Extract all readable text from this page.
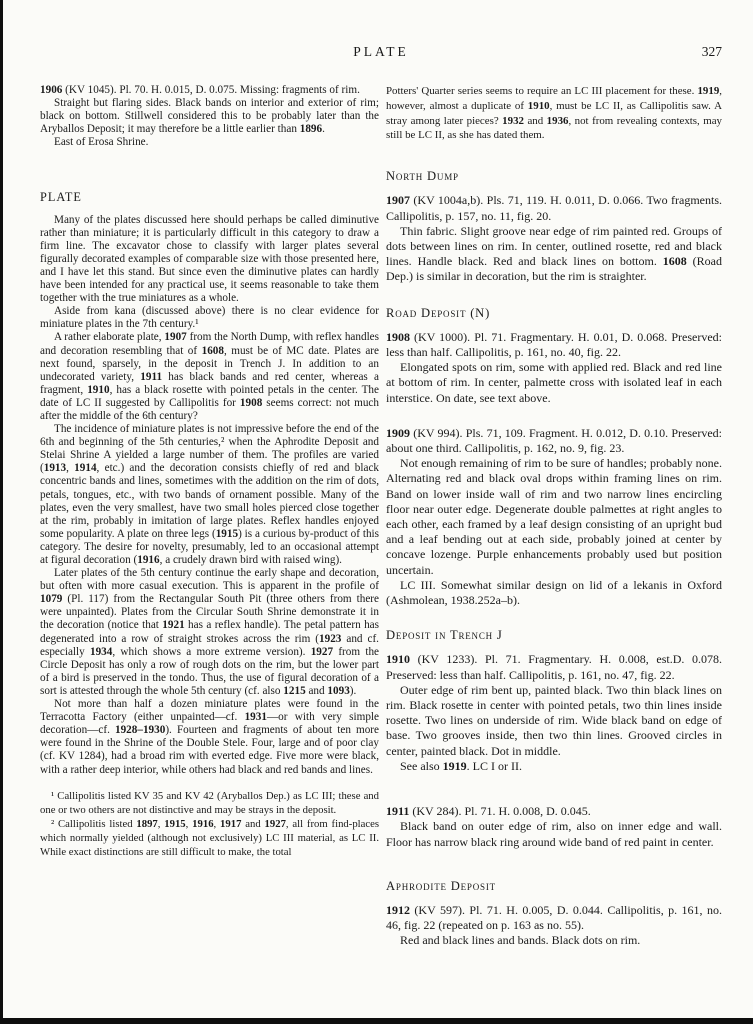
PLATE	327

1906 (KV 1045). Pl. 70. H. 0.015, D. 0.075. Missing: fragments of rim.

Straight but flaring sides. Black bands on interior and exterior of rim; black on bottom. Stillwell considered this to be probably later than the Aryballos Deposit; it may therefore be a little earlier than 1896.

East of Erosa Shrine.

PLATE

Many of the plates discussed here should perhaps be called diminutive rather than miniature; it is particularly difficult in this category to draw a firm line. The excavator chose to classify with larger plates several figurally decorated examples of comparable size with those presented here, and I have let this stand. But since even the diminutive plates can hardly have been intended for any practical use, it seems reasonable to take them together with the true miniatures as a whole.

Aside from kana (discussed above) there is no clear evidence for miniature plates in the 7th century.¹

A rather elaborate plate, 1907 from the North Dump, with reflex handles and decoration resembling that of 1608, must be of MC date. Plates are next found, sparsely, in the deposit in Trench J. In addition to an undecorated variety, 1911 has black bands and red center, whereas a fragment, 1910, has a black rosette with pointed petals in the center. The date of LC II suggested by Callipolitis for 1908 seems correct: not much after the middle of the 6th century?

The incidence of miniature plates is not impressive before the end of the 6th and beginning of the 5th centuries,² when the Aphrodite Deposit and Stelai Shrine A yielded a large number of them. The profiles are varied (1913, 1914, etc.) and the decoration consists chiefly of red and black concentric bands and lines, sometimes with the addition on the rim of dots, petals, tongues, etc., with two bands of ornament possible. Many of the plates, even the very smallest, have two small holes pierced close together at the rim, probably in imitation of large plates. Reflex handles enjoyed some popularity. A plate on three legs (1915) is a curious by-product of this category. The desire for novelty, presumably, led to an occasional attempt at figural decoration (1916, a crudely drawn bird with raised wing).

Later plates of the 5th century continue the early shape and decoration, but often with more casual execution. This is apparent in the profile of 1079 (Pl. 117) from the Rectangular South Pit (three others from there were unpainted). Plates from the Circular South Shrine demonstrate it in the decoration (notice that 1921 has a reflex handle). The petal pattern has degenerated into a row of straight strokes across the rim (1923 and cf. especially 1934, which shows a more extreme version). 1927 from the Circle Deposit has only a row of rough dots on the rim, but the lower part of a bird is preserved in the tondo. Thus, the use of figural decoration of a sort is attested through the whole 5th century (cf. also 1215 and 1093).

Not more than half a dozen miniature plates were found in the Terracotta Factory (either unpainted—cf. 1931—or with very simple decoration—cf. 1928–1930). Fourteen and fragments of about ten more were found in the Shrine of the Double Stele. Four, large and of poor clay (cf. KV 1284), had a broad rim with everted edge. Five more were black, with a rather deep interior, while others had black and red bands and lines.

¹ Callipolitis listed KV 35 and KV 42 (Aryballos Dep.) as LC III; these and one or two others are not distinctive and may be strays in the deposit.

² Callipolitis listed 1897, 1915, 1916, 1917 and 1927, all from find-places which normally yielded (although not exclusively) LC III material, as LC II. While exact distinctions are still difficult to make, the total

Potters' Quarter series seems to require an LC III placement for these. 1919, however, almost a duplicate of 1910, must be LC II, as Callipolitis saw. A stray among later pieces? 1932 and 1936, not from revealing contexts, may still be LC II, as she has dated them.

North Dump

1907 (KV 1004a,b). Pls. 71, 119. H. 0.011, D. 0.066. Two fragments. Callipolitis, p. 157, no. 11, fig. 20.

Thin fabric. Slight groove near edge of rim painted red. Groups of dots between lines on rim. In center, outlined rosette, red and black lines. Handle black. Red and black lines on bottom. 1608 (Road Dep.) is similar in decoration, but the rim is straighter.

Road Deposit (N)

1908 (KV 1000). Pl. 71. Fragmentary. H. 0.01, D. 0.068. Preserved: less than half. Callipolitis, p. 161, no. 40, fig. 22.

Elongated spots on rim, some with applied red. Black and red line at bottom of rim. In center, palmette cross with isolated leaf in each interstice. On date, see text above.

1909 (KV 994). Pls. 71, 109. Fragment. H. 0.012, D. 0.10. Preserved: about one third. Callipolitis, p. 162, no. 9, fig. 23.

Not enough remaining of rim to be sure of handles; probably none. Alternating red and black oval drops within framing lines on rim. Band on lower inside wall of rim and two narrow lines encircling floor near outer edge. Degenerate double palmettes at right angles to each other, each framed by a leaf design consisting of an upright bud and a leaf bending out at each side, probably joined at center by concave lozenge. Purple enhancements probably used but position uncertain.

LC III. Somewhat similar design on lid of a lekanis in Oxford (Ashmolean, 1938.252a–b).

Deposit in Trench J

1910 (KV 1233). Pl. 71. Fragmentary. H. 0.008, est.D. 0.078. Preserved: less than half. Callipolitis, p. 161, no. 47, fig. 22.

Outer edge of rim bent up, painted black. Two thin black lines on rim. Black rosette in center with pointed petals, two thin lines inside rosette. Two lines on underside of rim. Wide black band on edge of base. Two grooves inside, then two thin lines. Grooved circles in center, painted black. Dot in middle.

See also 1919. LC I or II.

1911 (KV 284). Pl. 71. H. 0.008, D. 0.045.

Black band on outer edge of rim, also on inner edge and wall. Floor has narrow black ring around wide band of red paint in center.

Aphrodite Deposit

1912 (KV 597). Pl. 71. H. 0.005, D. 0.044. Callipolitis, p. 161, no. 46, fig. 22 (repeated on p. 163 as no. 55).

Red and black lines and bands. Black dots on rim.
